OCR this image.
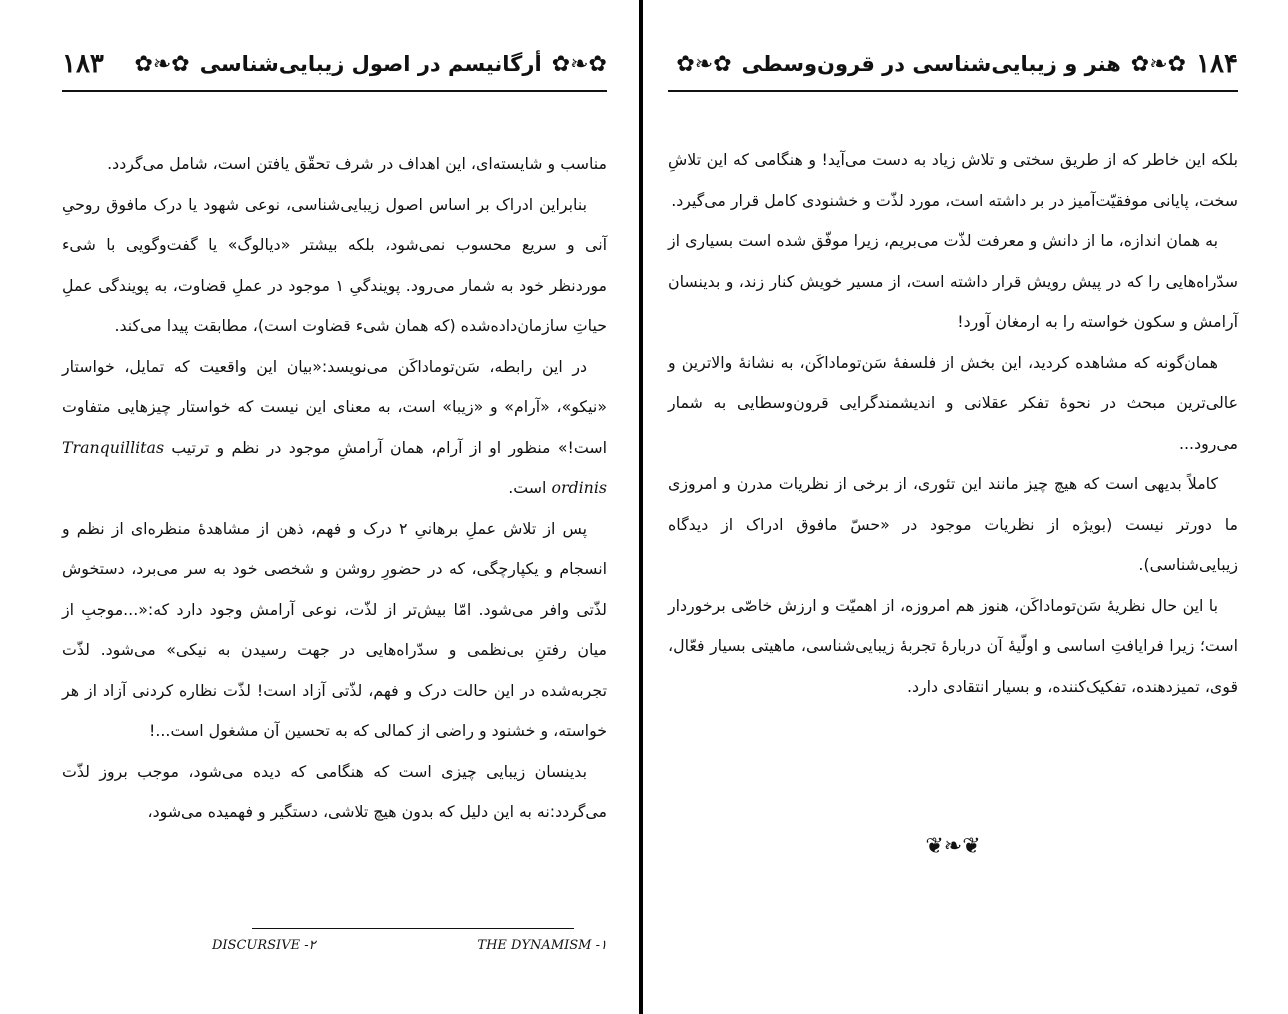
✿❧✿
أرگانیسم در اصول زیبایی‌شناسی
✿❧✿
۱۸۳

مناسب و شایسته‌ای، این اهداف در شرف تحقّق یافتن است، شامل می‌گردد.

بنابراین ادراک بر اساس اصول زیبایی‌شناسی، نوعی شهود یا درک مافوق روحیِ آنی و سریع محسوب نمی‌شود، بلکه بیشتر «دیالوگ» یا گفت‌وگویی با شیء موردنظر خود به شمار می‌رود. پویندگیِ ۱ موجود در عملِ قضاوت، به پویندگی عملِ حیاتِ سازمان‌داده‌شده (که همان شیء قضاوت است)، مطابقت پیدا می‌کند.

در این رابطه، سَن‌توماداکَن می‌نویسد:«بیان این واقعیت که تمایل، خواستار «نیکو»، «آرام» و «زیبا» است، به معنای این نیست که خواستار چیزهایی متفاوت است!» منظور او از آرام، همان آرامشِ موجود در نظم و ترتیب Tranquillitas ordinis است.

پس از تلاش عملِ برهانیِ ۲ درک و فهم، ذهن از مشاهدهٔ منظره‌ای از نظم و انسجام و یکپارچگی، که در حضورِ روشن و شخصی خود به سر می‌برد، دستخوش لذّتی وافر می‌شود. امّا بیش‌تر از لذّت، نوعی آرامش وجود دارد که:«...موجبِ از میان رفتنِ بی‌نظمی و سدّراه‌هایی در جهت رسیدن به نیکی» می‌شود. لذّت تجربه‌شده در این حالت درک و فهم، لذّتی آزاد است! لذّت نظاره کردنی آزاد از هر خواسته، و خشنود و راضی از کمالی که به تحسین آن مشغول است...!

بدینسان زیبایی چیزی است که هنگامی که دیده می‌شود، موجب بروز لذّت می‌گردد:نه به این دلیل که بدون هیچ تلاشی، دستگیر و فهمیده می‌شود،

DISCURSIVE -۲	THE DYNAMISM -۱
۱۸۴
✿❧✿
هنر و زیبایی‌شناسی در قرون‌وسطی
✿❧✿

بلکه این خاطر که از طریق سختی و تلاش زیاد به دست می‌آید! و هنگامی که این تلاشِ سخت، پایانی موفقیّت‌آمیز در بر داشته است، مورد لذّت و خشنودی کامل قرار می‌گیرد.

به همان اندازه، ما از دانش و معرفت لذّت می‌بریم، زیرا موفّق شده است بسیاری از سدّراه‌هایی را که در پیش رویش قرار داشته است، از مسیر خویش کنار زند، و بدینسان آرامش و سکون خواسته را به ارمغان آورد!

همان‌گونه که مشاهده کردید، این بخش از فلسفهٔ سَن‌توماداکَن، به نشانهٔ والاترین و عالی‌ترین مبحث در نحوهٔ تفکر عقلانی و اندیشمندگرایی قرون‌وسطایی به شمار می‌رود...

کاملاً بدیهی است که هیچ چیز مانند این تئوری، از برخی از نظریات مدرن و امروزی ما دورتر نیست (بویژه از نظریات موجود در «حسّ مافوق ادراک از دیدگاه زیبایی‌شناسی).

با این حال نظریهٔ سَن‌توماداکَن، هنوز هم امروزه، از اهمیّت و ارزش خاصّی برخوردار است؛ زیرا فرایافتِ اساسی و اولّیهٔ آن دربارهٔ تجربهٔ زیبایی‌شناسی، ماهیتی بسیار فعّال، قوی، تمیزدهنده، تفکیک‌کننده، و بسیار انتقادی دارد.

❦❧❦
